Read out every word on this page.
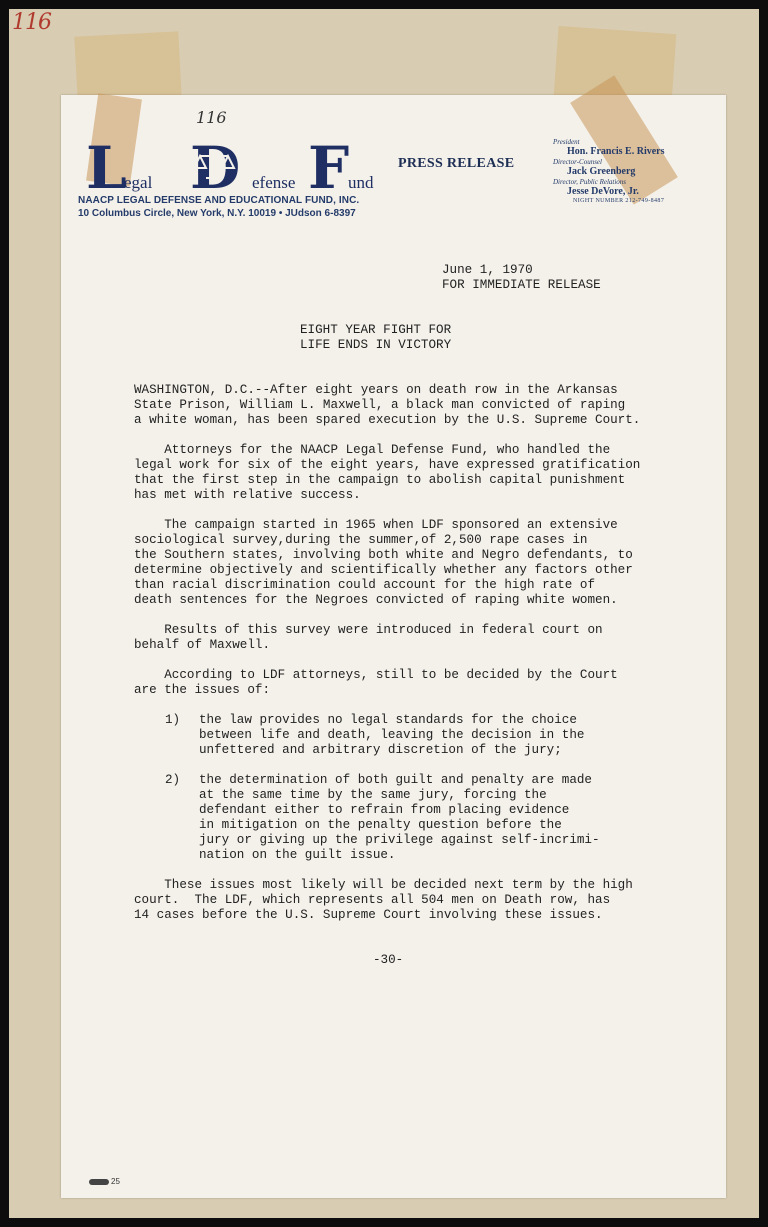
116
116
L
egal D efense F
und
NAACP LEGAL DEFENSE AND EDUCATIONAL FUND, INC.
10 Columbus Circle, New York, N.Y. 10019 • JUdson 6-8397
PRESS RELEASE
President
Hon. Francis E. Rivers
Director-Counsel
Jack Greenberg
Director, Public Relations
Jesse DeVore, Jr.
NIGHT NUMBER 212-749-8487
June 1, 1970
FOR IMMEDIATE RELEASE
EIGHT YEAR FIGHT FOR
LIFE ENDS IN VICTORY
WASHINGTON, D.C.--After eight years on death row in the Arkansas
State Prison, William L. Maxwell, a black man convicted of raping
a white woman, has been spared execution by the U.S. Supreme Court.
Attorneys for the NAACP Legal Defense Fund, who handled the
legal work for six of the eight years, have expressed gratification
that the first step in the campaign to abolish capital punishment
has met with relative success.
The campaign started in 1965 when LDF sponsored an extensive
sociological survey,during the summer,of 2,500 rape cases in
the Southern states, involving both white and Negro defendants, to
determine objectively and scientifically whether any factors other
than racial discrimination could account for the high rate of
death sentences for the Negroes convicted of raping white women.
Results of this survey were introduced in federal court on
behalf of Maxwell.
According to LDF attorneys, still to be decided by the Court
are the issues of:
1) the law provides no legal standards for the choice
between life and death, leaving the decision in the
unfettered and arbitrary discretion of the jury;
2) the determination of both guilt and penalty are made
at the same time by the same jury, forcing the
defendant either to refrain from placing evidence
in mitigation on the penalty question before the
jury or giving up the privilege against self-incrimi-
nation on the guilt issue.
These issues most likely will be decided next term by the high
court.  The LDF, which represents all 504 men on Death row, has
14 cases before the U.S. Supreme Court involving these issues.
-30-
25
